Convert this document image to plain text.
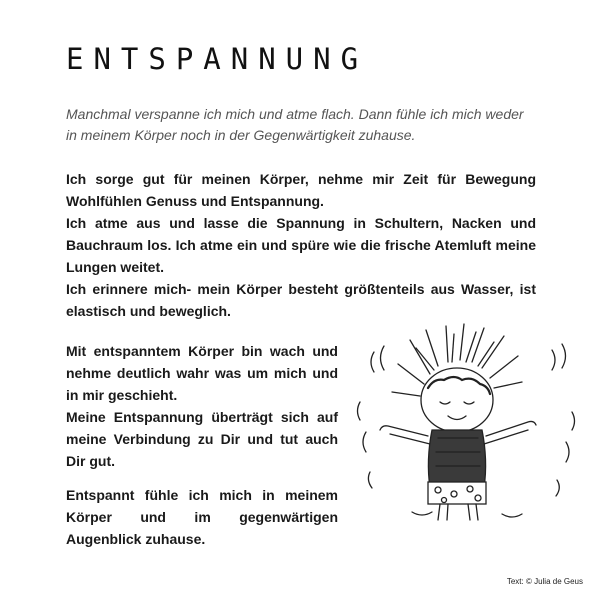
ENTSPANNUNG

Manchmal verspanne ich mich und atme flach. Dann fühle ich mich weder in meinem Körper noch in der Gegenwärtigkeit zuhause.

Ich sorge gut für meinen Körper, nehme mir Zeit für Bewegung Wohlfühlen Genuss und Entspannung.
Ich atme aus und lasse die Spannung in Schultern, Nacken und Bauchraum los. Ich atme ein und spüre wie die frische Atemluft meine Lungen weitet.
Ich erinnere mich- mein Körper besteht größtenteils aus Wasser, ist elastisch und beweglich.
Mit entspanntem Körper bin wach und nehme deutlich wahr was um mich und in mir geschieht.
Meine Entspannung überträgt sich auf meine Verbindung zu Dir und tut auch Dir gut.

Entspannt fühle ich mich in meinem Körper und im gegenwärtigen Augenblick zuhause.

Text: © Julia de Geus
